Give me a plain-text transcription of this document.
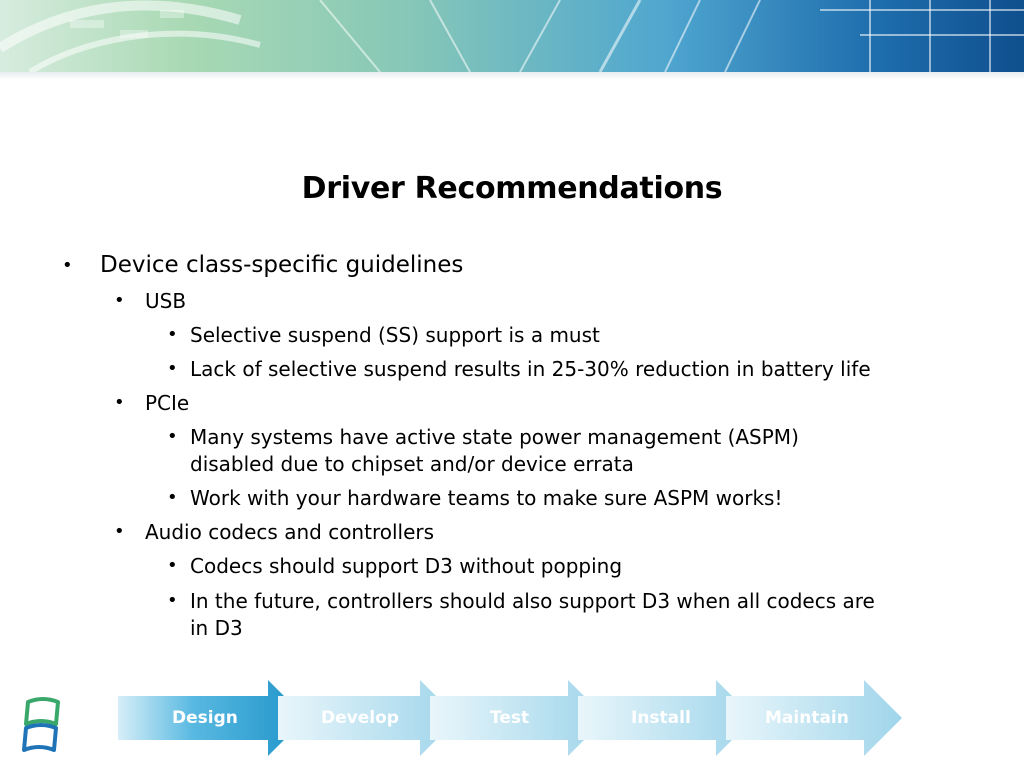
Driver Recommendations
• Device class-specific guidelines
• USB
• Selective suspend (SS) support is a must
• Lack of selective suspend results in 25-30% reduction in battery life
• PCIe
• Many systems have active state power management (ASPM)
disabled due to chipset and/or device errata
• Work with your hardware teams to make sure ASPM works!
• Audio codecs and controllers
• Codecs should support D3 without popping
• In the future, controllers should also support D3 when all codecs are
in D3
Design	Develop	Test	Install	Maintain
